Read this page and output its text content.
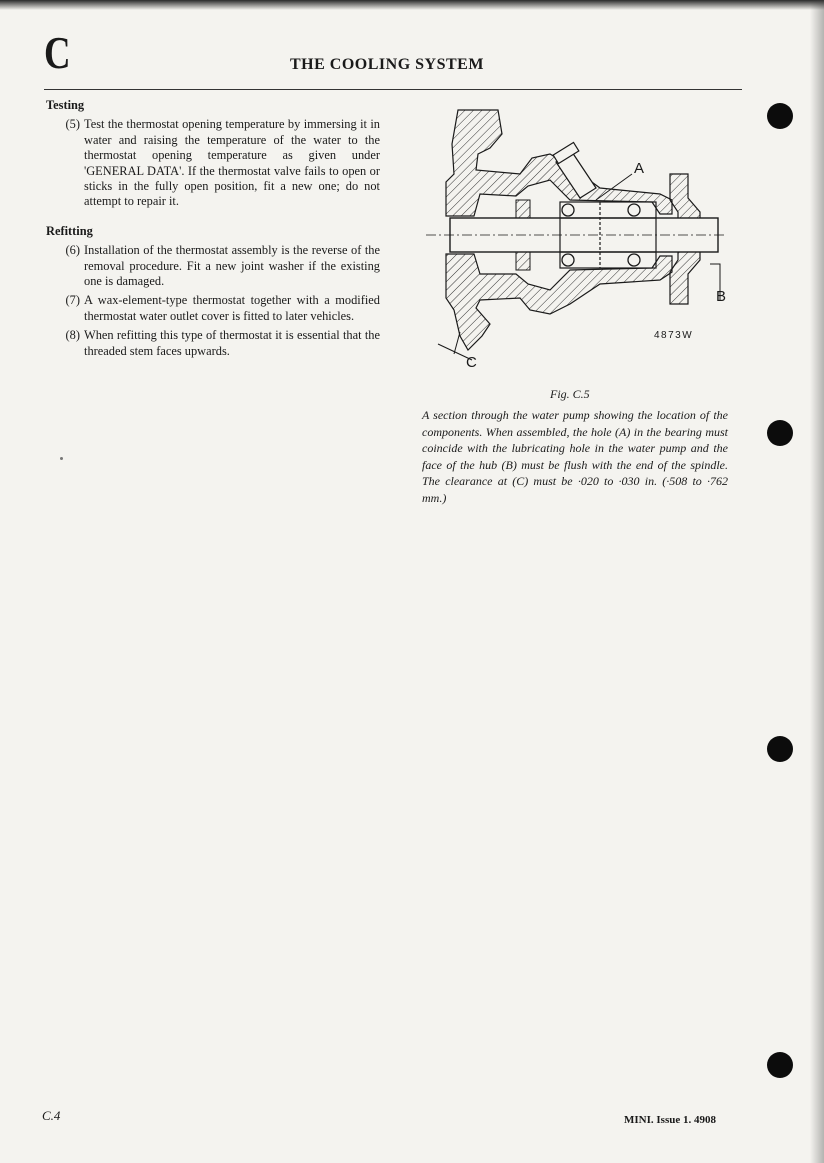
C	THE COOLING SYSTEM

Testing

(5) Test the thermostat opening temperature by immersing it in water and raising the temperature of the water to the thermostat opening temperature as given under 'GENERAL DATA'. If the thermostat valve fails to open or sticks in the fully open position, fit a new one; do not attempt to repair it.

Refitting

(6) Installation of the thermostat assembly is the reverse of the removal procedure. Fit a new joint washer if the existing one is damaged.
(7) A wax-element-type thermostat together with a modified thermostat water outlet cover is fitted to later vehicles.
(8) When refitting this type of thermostat it is essential that the threaded stem faces upwards.
A
B
C
4873W
Fig. C.5
A section through the water pump showing the location of the components. When assembled, the hole (A) in the bearing must coincide with the lubricating hole in the water pump and the face of the hub (B) must be flush with the end of the spindle. The clearance at (C) must be ·020 to ·030 in. (·508 to ·762 mm.)
C.4	MINI. Issue 1. 4908
